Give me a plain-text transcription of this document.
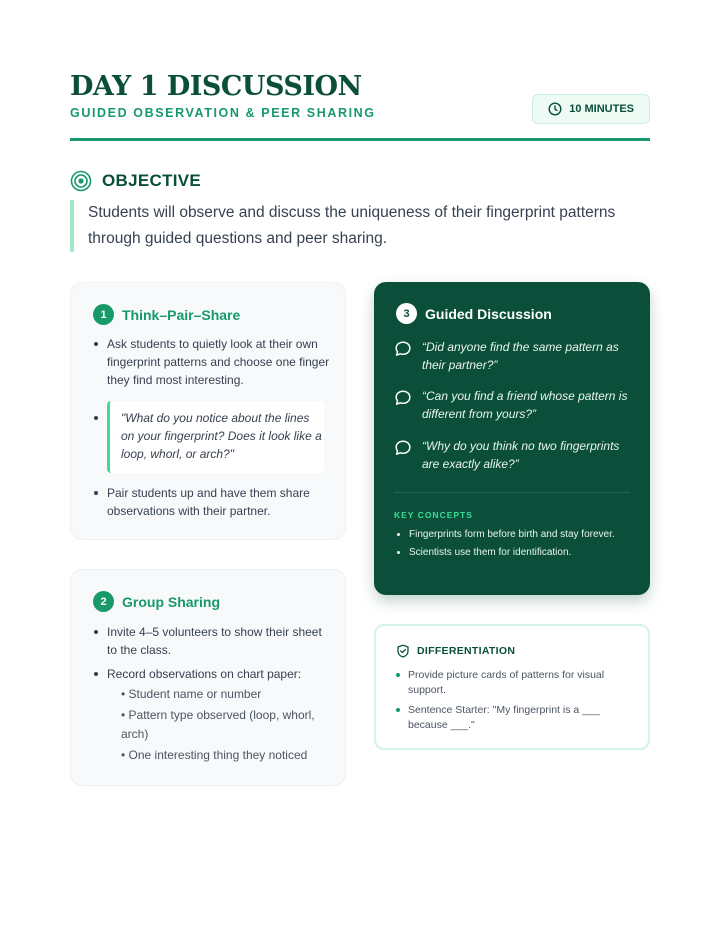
DAY 1 DISCUSSION
GUIDED OBSERVATION & PEER SHARING	10 MINUTES
OBJECTIVE
Students will observe and discuss the uniqueness of their fingerprint patterns through guided questions and peer sharing.
1	Think–Pair–Share
Ask students to quietly look at their own fingerprint patterns and choose one finger they find most interesting.
"What do you notice about the lines on your fingerprint? Does it look like a loop, whorl, or arch?"
Pair students up and have them share observations with their partner.
2	Group Sharing
Invite 4–5 volunteers to show their sheet to the class.
Record observations on chart paper:
• Student name or number
• Pattern type observed (loop, whorl, arch)
• One interesting thing they noticed
3	Guided Discussion
“Did anyone find the same pattern as their partner?”
“Can you find a friend whose pattern is different from yours?”
“Why do you think no two fingerprints are exactly alike?”
KEY CONCEPTS
Fingerprints form before birth and stay forever.
Scientists use them for identification.
DIFFERENTIATION
Provide picture cards of patterns for visual support.
Sentence Starter: "My fingerprint is a ___ because ___."
